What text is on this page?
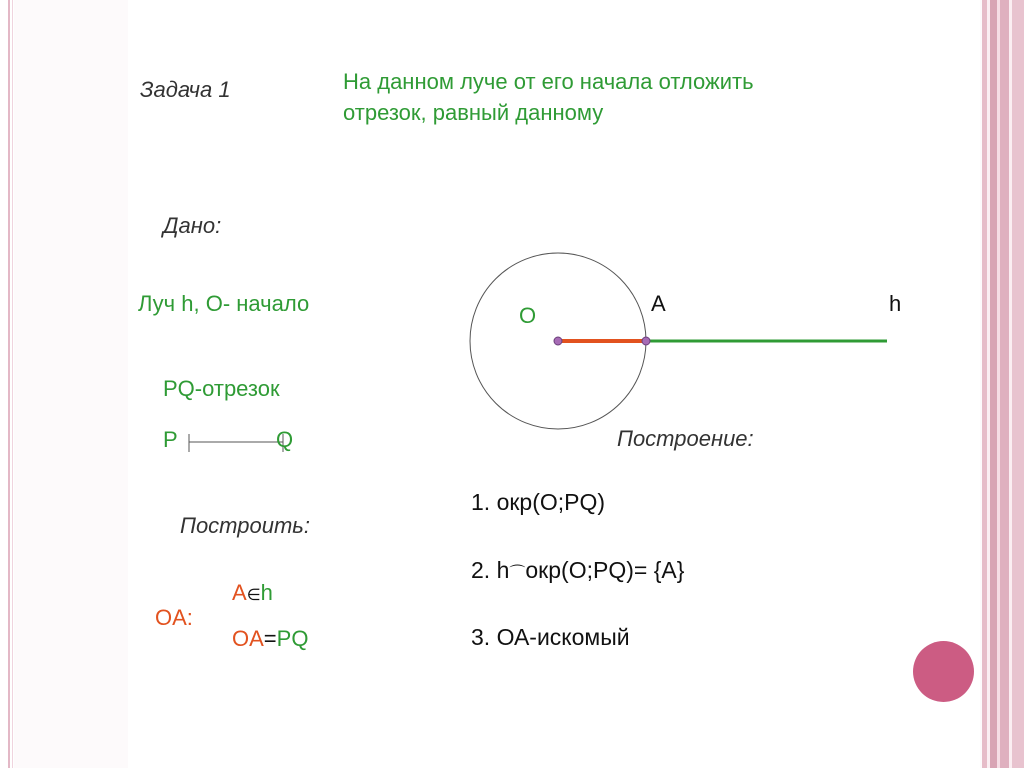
Задача 1	На данном луче от его начала отложить
отрезок, равный данному
Дано:
Луч h, O- начало
PQ-отрезок
P	Q
Построить:
OA:
A∈h
OA=PQ
Построение:
1. окр(О;PQ)
2. h⌒окр(О;PQ)= {A}
3. ОА-искомый
O	A	h
